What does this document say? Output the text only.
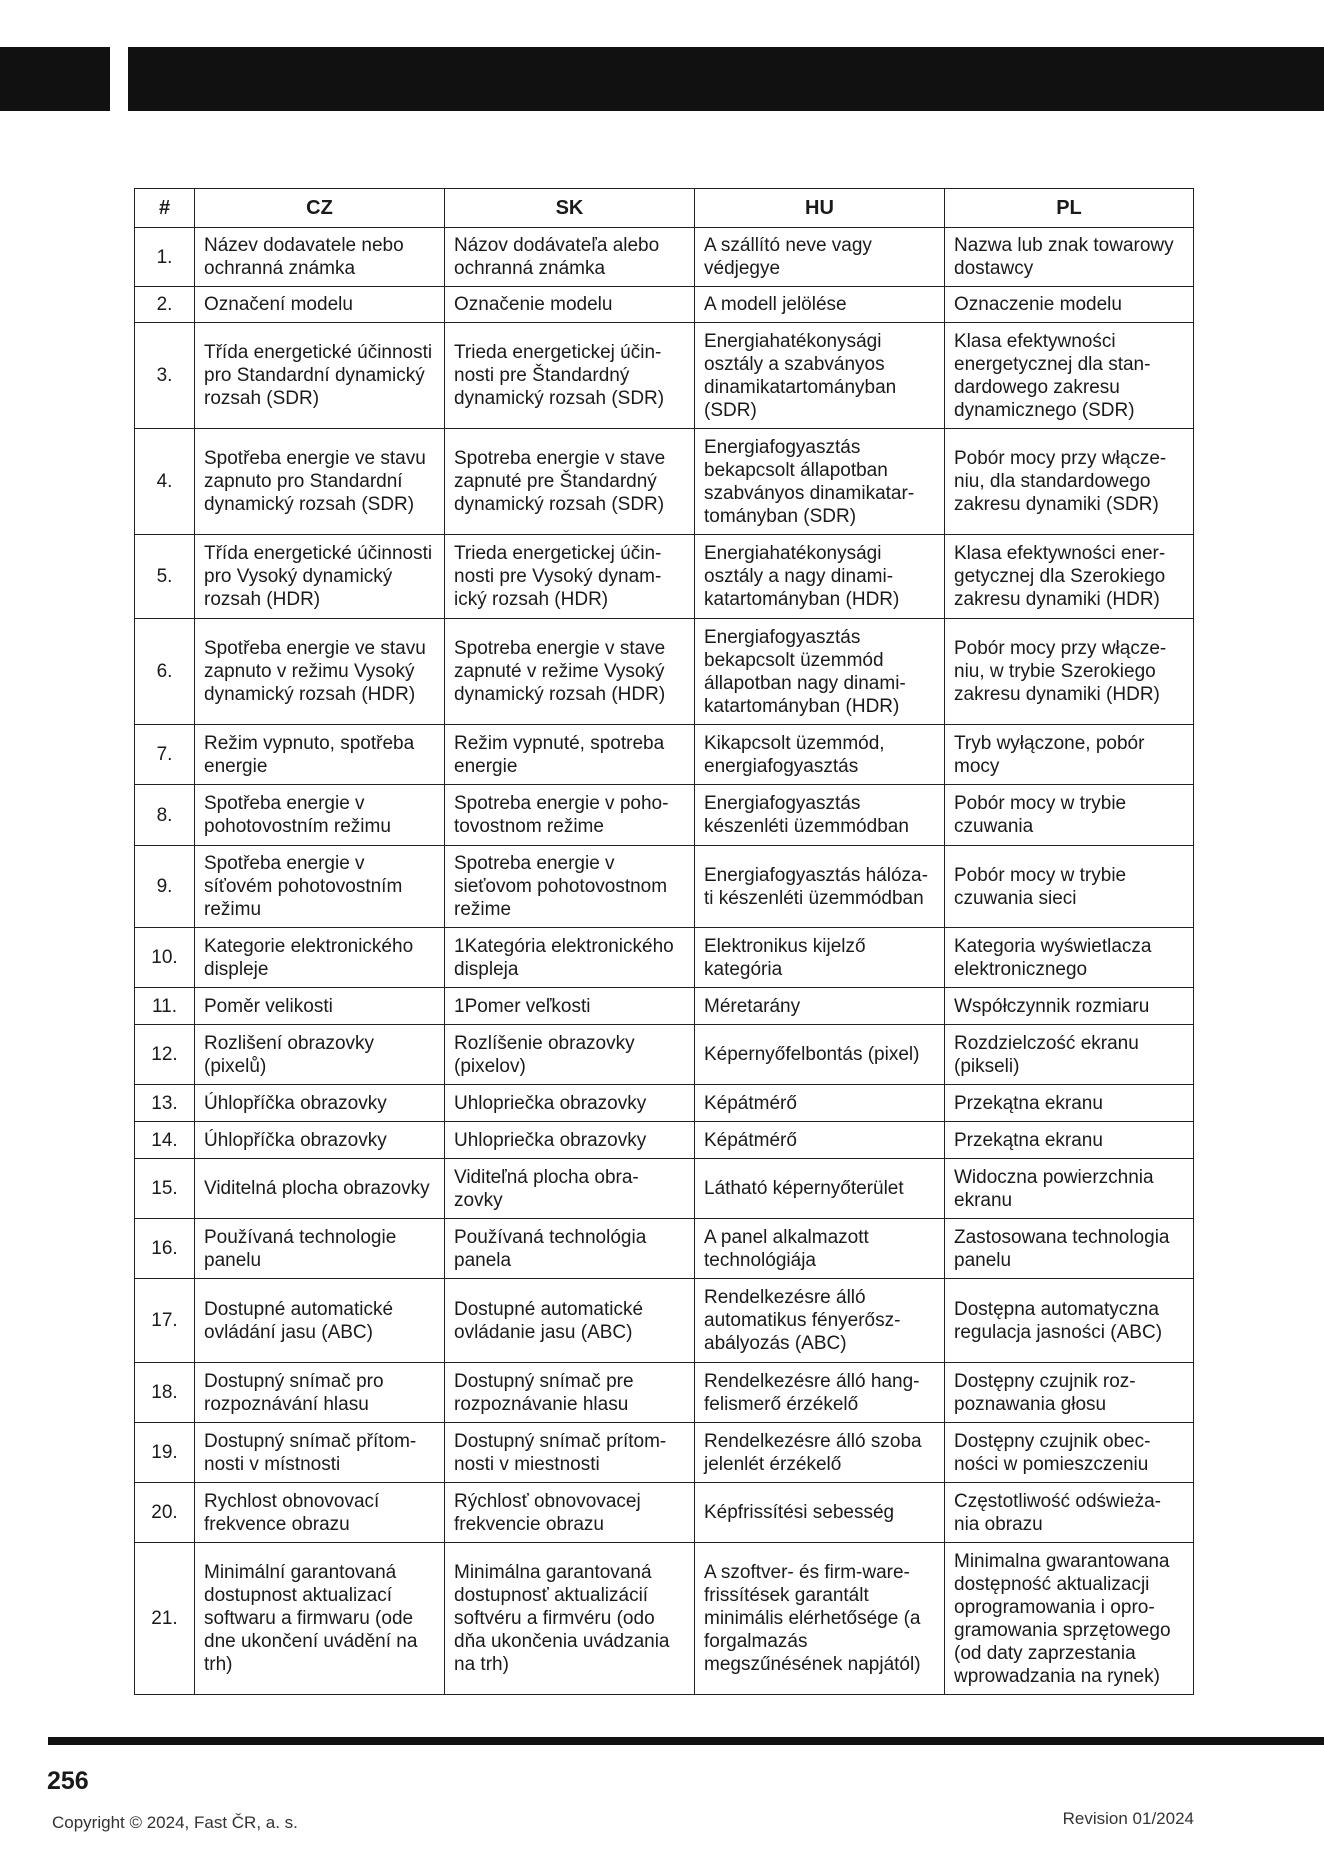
#	CZ	SK	HU	PL
1.	Název dodavatele nebo ochranná známka	Názov dodávateľa alebo ochranná známka	A szállító neve vagy védjegye	Nazwa lub znak towarowy dostawcy
2.	Označení modelu	Označenie modelu	A modell jelölése	Oznaczenie modelu
3.	Třída energetické účinnosti pro Standardní dynamický rozsah (SDR)	Trieda energetickej účin-nosti pre Štandardný dynamický rozsah (SDR)	Energiahatékonysági osztály a szabványos dinamikatartományban (SDR)	Klasa efektywności energetycznej dla stan-dardowego zakresu dynamicznego (SDR)
4.	Spotřeba energie ve stavu zapnuto pro Standardní dynamický rozsah (SDR)	Spotreba energie v stave zapnuté pre Štandardný dynamický rozsah (SDR)	Energiafogyasztás bekapcsolt állapotban szabványos dinamikatar-tományban (SDR)	Pobór mocy przy włącze-niu, dla standardowego zakresu dynamiki (SDR)
5.	Třída energetické účinnosti pro Vysoký dynamický rozsah (HDR)	Trieda energetickej účin-nosti pre Vysoký dynam-ický rozsah (HDR)	Energiahatékonysági osztály a nagy dinami-katartományban (HDR)	Klasa efektywności ener-getycznej dla Szerokiego zakresu dynamiki (HDR)
6.	Spotřeba energie ve stavu zapnuto v režimu Vysoký dynamický rozsah (HDR)	Spotreba energie v stave zapnuté v režime Vysoký dynamický rozsah (HDR)	Energiafogyasztás bekapcsolt üzemmód állapotban nagy dinami-katartományban (HDR)	Pobór mocy przy włącze-niu, w trybie Szerokiego zakresu dynamiki (HDR)
7.	Režim vypnuto, spotřeba energie	Režim vypnuté, spotreba energie	Kikapcsolt üzemmód, energiafogyasztás	Tryb wyłączone, pobór mocy
8.	Spotřeba energie v pohotovostním režimu	Spotreba energie v poho-tovostnom režime	Energiafogyasztás készenléti üzemmódban	Pobór mocy w trybie czuwania
9.	Spotřeba energie v síťovém pohotovostním režimu	Spotreba energie v sieťovom pohotovostnom režime	Energiafogyasztás hálóza-ti készenléti üzemmódban	Pobór mocy w trybie czuwania sieci
10.	Kategorie elektronického displeje	1Kategória elektronického displeja	Elektronikus kijelző kategória	Kategoria wyświetlacza elektronicznego
11.	Poměr velikosti	1Pomer veľkosti	Méretarány	Współczynnik rozmiaru
12.	Rozlišení obrazovky (pixelů)	Rozlíšenie obrazovky (pixelov)	Képernyőfelbontás (pixel)	Rozdzielczość ekranu (pikseli)
13.	Úhlopříčka obrazovky	Uhlopriečka obrazovky	Képátmérő	Przekątna ekranu
14.	Úhlopříčka obrazovky	Uhlopriečka obrazovky	Képátmérő	Przekątna ekranu
15.	Viditelná plocha obrazovky	Viditeľná plocha obra-zovky	Látható képernyőterület	Widoczna powierzchnia ekranu
16.	Používaná technologie panelu	Používaná technológia panela	A panel alkalmazott technológiája	Zastosowana technologia panelu
17.	Dostupné automatické ovládání jasu (ABC)	Dostupné automatické ovládanie jasu (ABC)	Rendelkezésre álló automatikus fényerősz-abályozás (ABC)	Dostępna automatyczna regulacja jasności (ABC)
18.	Dostupný snímač pro rozpoznávání hlasu	Dostupný snímač pre rozpoznávanie hlasu	Rendelkezésre álló hang-felismerő érzékelő	Dostępny czujnik roz-poznawania głosu
19.	Dostupný snímač přítom-nosti v místnosti	Dostupný snímač prítom-nosti v miestnosti	Rendelkezésre álló szoba jelenlét érzékelő	Dostępny czujnik obec-ności w pomieszczeniu
20.	Rychlost obnovovací frekvence obrazu	Rýchlosť obnovovacej frekvencie obrazu	Képfrissítési sebesség	Częstotliwość odświeża-nia obrazu
21.	Minimální garantovaná dostupnost aktualizací softwaru a firmwaru (ode dne ukončení uvádění na trh)	Minimálna garantovaná dostupnosť aktualizácií softvéru a firmvéru (odo dňa ukončenia uvádzania na trh)	A szoftver- és firm-ware-frissítések garantált minimális elérhetősége (a forgalmazás megszűnésének napjától)	Minimalna gwarantowana dostępność aktualizacji oprogramowania i opro-gramowania sprzętowego (od daty zaprzestania wprowadzania na rynek)
256
Copyright © 2024, Fast ČR, a. s.	Revision 01/2024
